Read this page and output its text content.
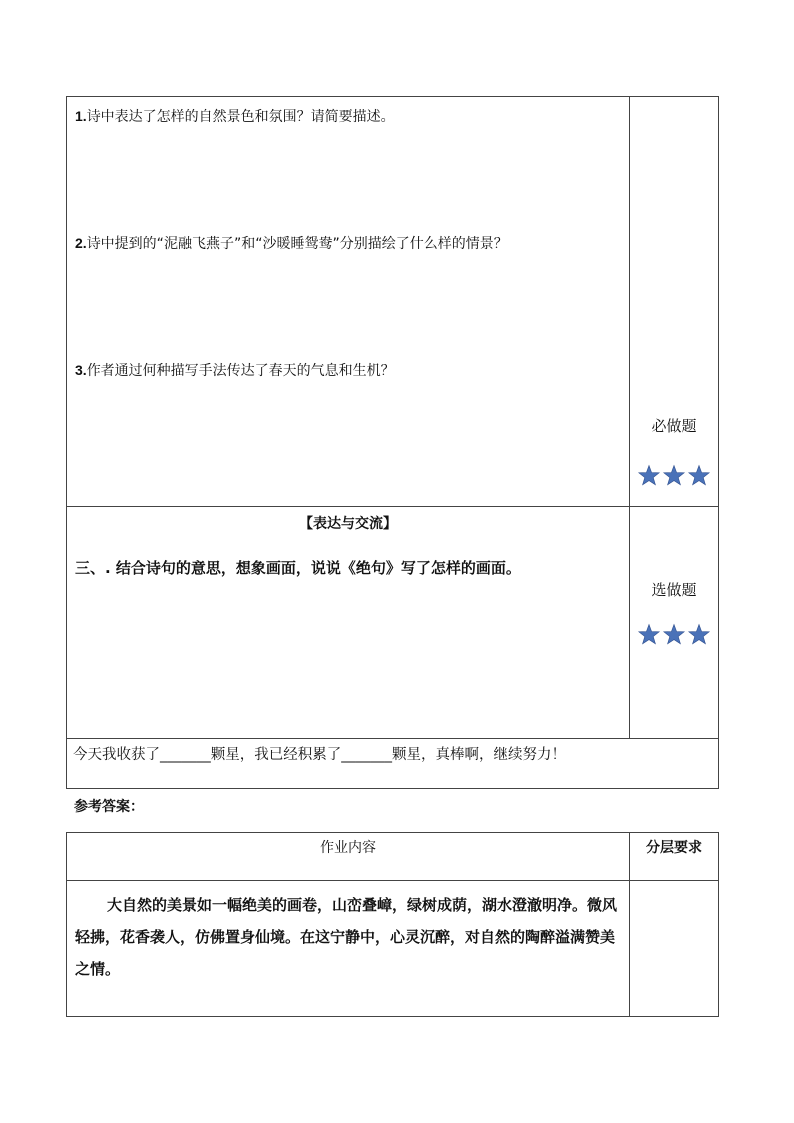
1.诗中表达了怎样的自然景色和氛围？请简要描述。
2.诗中提到的“泥融飞燕子”和“沙暖睡鸳鸯”分别描绘了什么样的情景？
3.作者通过何种描写手法传达了春天的气息和生机？	必做题

【表达与交流】
三、. 结合诗句的意思，想象画面，说说《绝句》写了怎样的画面。	选做题

今天我收获了_______颗星，我已经积累了_______颗星，真棒啊，继续努力！	
参考答案：
作业内容	分层要求

大自然的美景如一幅绝美的画卷，山峦叠嶂，绿树成荫，湖水澄澈明净。微风轻拂，花香袭人，仿佛置身仙境。在这宁静中，心灵沉醉，对自然的陶醉溢满赞美之情。	
